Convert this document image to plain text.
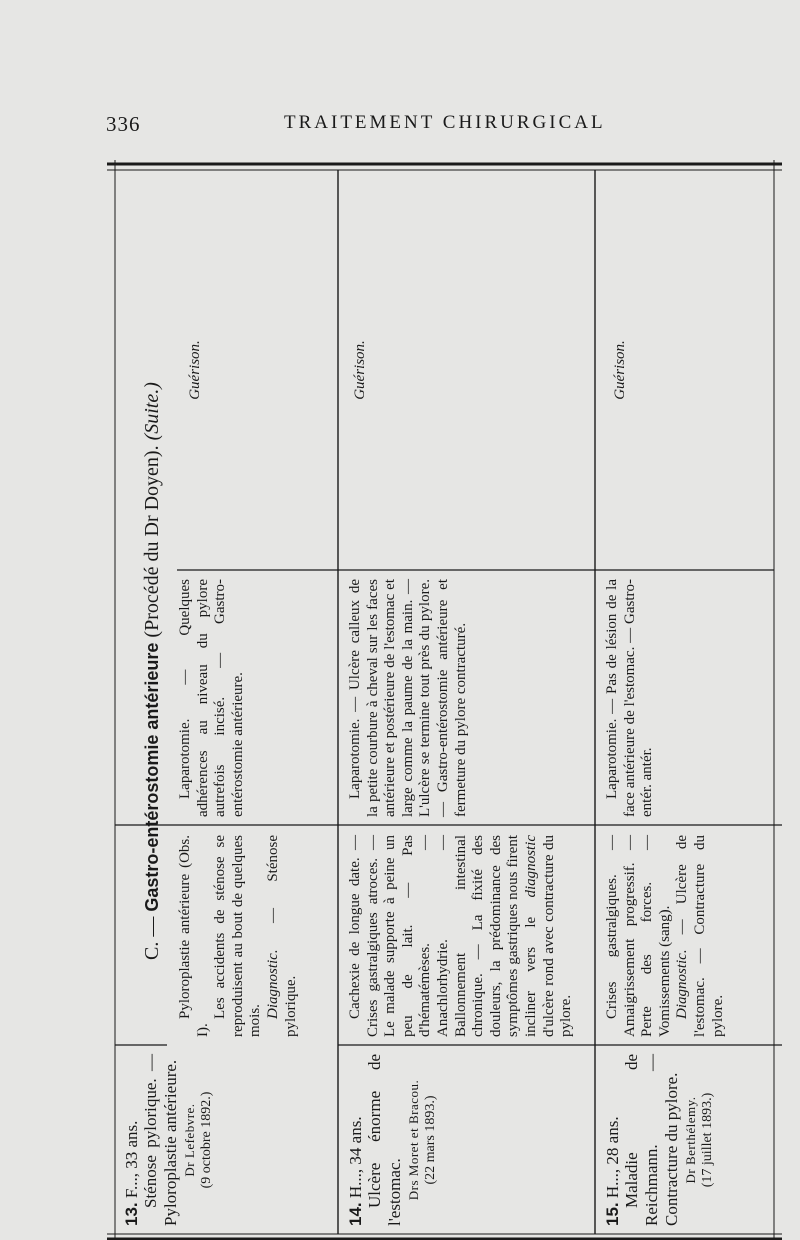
336	TRAITEMENT CHIRURGICAL
C. — Gastro-entérostomie antérieure (Procédé du Dr Doyen). (Suite.)

13. F..., 33 ans. Sténose pylorique. — Pyloroplastie antérieure. Dr Lefebvre. (9 octobre 1892.)

Pyloroplastie antérieure (Obs. I).

Les accidents de sténose se reproduisent au bout de quelques mois.

Diagnostic. — Sténose pylorique.

Laparotomie. — Quelques adhérences au niveau du pylore autrefois incisé. — Gastro-entérostomie antérieure.

Guérison.

14. H..., 34 ans. Ulcère énorme de l'estomac. Drs Moret et Bracou. (22 mars 1893.)

Cachexie de longue date. — Crises gastralgiques atroces. — Le malade supporte à peine un peu de lait. — Pas d'hématémèses. — Anachlorhydrie. — Ballonnement intestinal chronique. — La fixité des douleurs, la prédominance des symptômes gastriques nous firent incliner vers le diagnostic d'ulcère rond avec contracture du pylore.

Laparotomie. — Ulcère calleux de la petite courbure à cheval sur les faces antérieure et postérieure de l'estomac et large comme la paume de la main. — L'ulcère se termine tout près du pylore. — Gastro-entérostomie antérieure et fermeture du pylore contracturé.

Guérison.

15. H..., 28 ans. Maladie de Reichmann. — Contracture du pylore. Dr Berthélemy. (17 juillet 1893.)

Crises gastralgiques. — Amaigrissement progressif. — Perte des forces. — Vomissements (sang). Diagnostic. — Ulcère de l'estomac. — Contracture du pylore.

Laparotomie. — Pas de lésion de la face antérieure de l'estomac. — Gastro-entér. antér.

Guérison.
